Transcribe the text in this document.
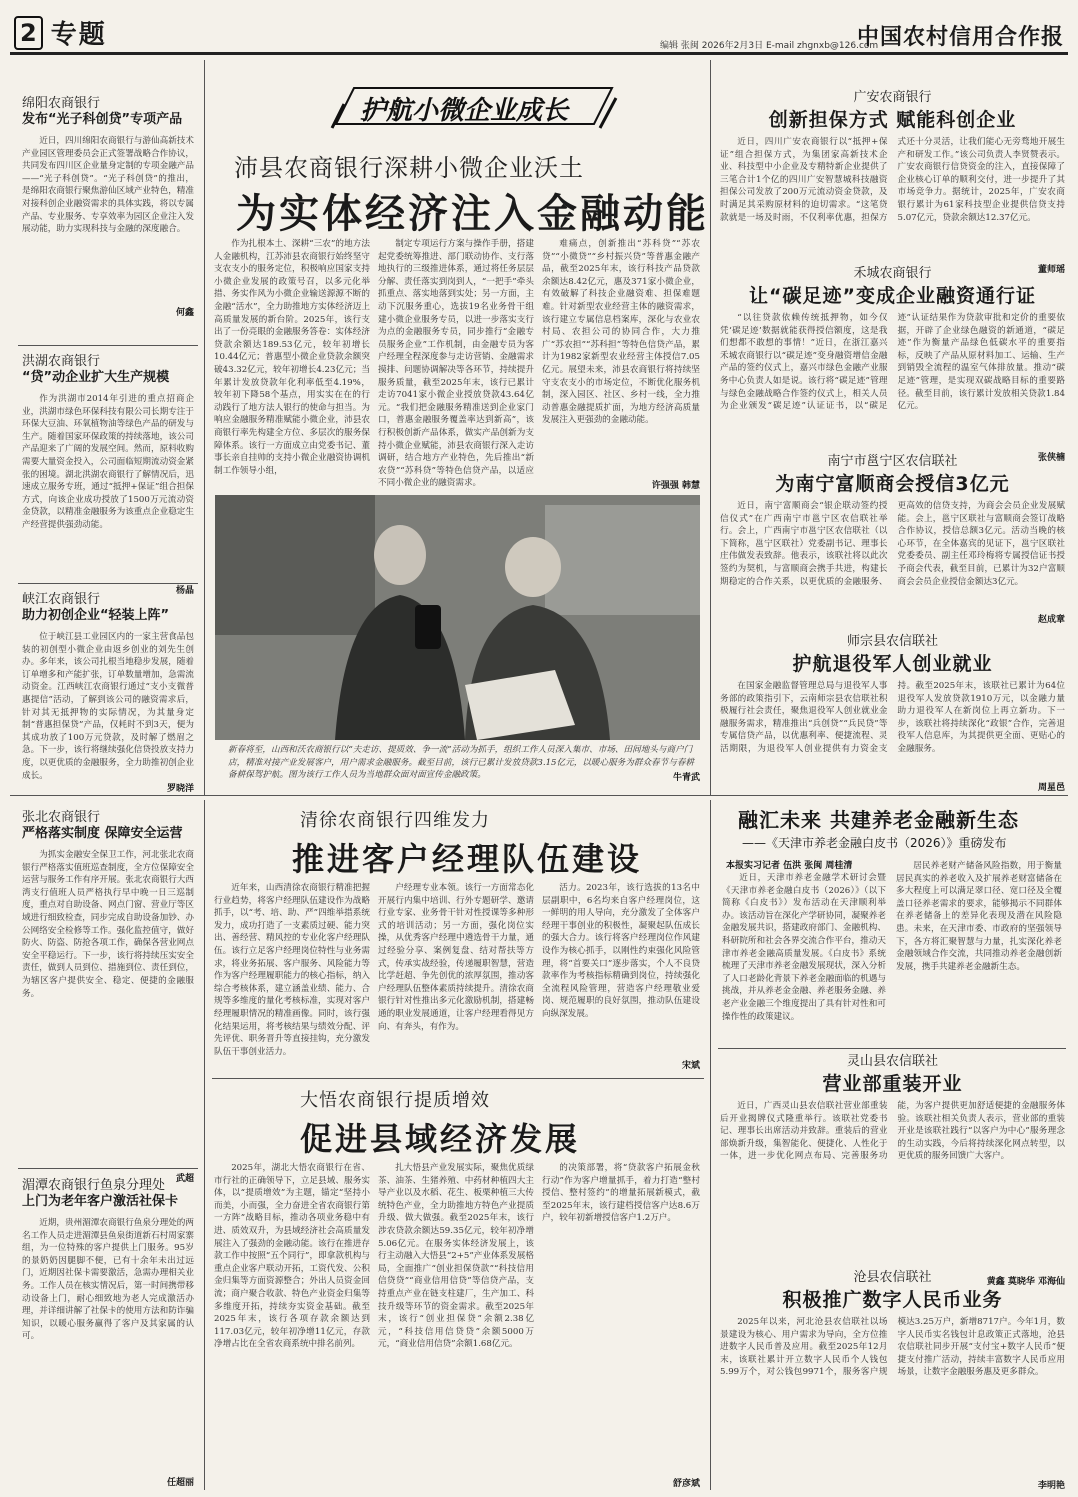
2 专题	编辑 张闽 2026年2月3日 E-mail zhgnxb@126.com
中国农村信用合作报
绵阳农商银行
发布“光子科创贷”专项产品
近日，四川绵阳农商银行与游仙高新技术产业园区管理委员会正式签署战略合作协议，共同发布四川区企业量身定制的专项金融产品——“光子科创贷”。“光子科创贷”的推出，是绵阳农商银行聚焦游仙区域产业特色，精准对接科创企业融资需求的具体实践，将以专属产品、专业服务、专享效率为园区企业注入发展动能，助力实现科技与金融的深度融合。
何鑫
洪湖农商银行
“贷”动企业扩大生产规模
作为洪湖市2014年引进的重点招商企业，洪湖市绿色环保科技有限公司长期专注于环保大豆油、环氧植物油等绿色产品的研发与生产。随着国家环保政策的持续落地，该公司产品迎来了广阔的发展空间。然而，原料收购需要大量资金投入，公司面临短期流动资金紧张的困境。湖北洪湖农商银行了解情况后，迅速成立服务专班，通过“抵押+保证”组合担保方式，向该企业成功授放了1500万元流动资金贷款，以精准金融服务为该重点企业稳定生产经营提供强劲动能。
杨晶
峡江农商银行
助力初创企业“轻装上阵”
位于峡江县工业园区内的一家主营食品包装的初创型小微企业由返乡创业的刘先生创办。多年来，该公司扎根当地稳步发展，随着订单增多和产能扩张，订单数量增加，急需流动资金。江西峡江农商银行通过“支小支微普惠提信”活动，了解到该公司的融资需求后，针对其无抵押物的实际情况，为其量身定制“普惠担保贷”产品，仅耗时不到3天，便为其成功放了100万元贷款，及时解了燃眉之急。下一步，该行将继续强化信贷投放支持力度，以更优质的金融服务，全力助推初创企业成长。
罗晓洋
护航小微企业成长
沛县农商银行深耕小微企业沃土
为实体经济注入金融动能
作为扎根本土、深耕“三农”的地方法人金融机构，江苏沛县农商银行始终坚守支农支小的服务定位，积极响应国家支持小微企业发展的政策号召，以多元化举措、务实作风为小微企业输送源源不断的金融“活水”，全力助推地方实体经济迈上高质量发展的新台阶。2025年，该行支出了一份亮眼的金融服务答卷：实体经济贷款余额达189.53亿元，较年初增长10.44亿元；普惠型小微企业贷款余额突破43.32亿元，较年初增长4.23亿元；当年累计发放贷款年化利率低至4.19%，较年初下降58个基点，用实实在在的行动践行了地方法人银行的使命与担当。为响应金融服务精准赋能小微企业，沛县农商银行率先构建全方位、多层次的服务保障体系。该行一方面成立由党委书记、董事长亲自挂帅的支持小微企业融资协调机制工作领导小组，
制定专项运行方案与操作手册，搭建起党委统筹推进、部门联动协作、支行落地执行的三级推进体系，通过将任务层层分解、责任落实到岗到人，“一把手”牵头抓重点、落实地落到实处；另一方面，主动下沉服务重心，选拔19名业务骨干组建小微企业服务专员，以进一步落实支行为点的金融服务专员，同步推行“金融专员服务企业”工作机制，由金融专员为客户经理全程深度参与走访营销、金融需求摸排、问题协调解决等各环节，持续提升服务质量，截至2025年末，该行已累计走访7041家小微企业授放贷款43.64亿元。“我们把金融服务精准送到企业家门口，普惠金融服务覆盖率达到新高”，该行积极创新产品体系，做实产品创新为支持小微企业赋能，沛县农商银行深入走访调研，结合地方产业特色，先后推出“新农贷”“苏科贷”等特色信贷产品，以适应不同小微企业的融资需求。
难痛点，创新推出“苏科贷”“苏农贷”“小微贷”“乡村振兴贷”等普惠金融产品，截至2025年末，该行科技产品贷款余额达8.42亿元，惠及371家小微企业，有效破解了科技企业融资难、担保难题难。针对新型农业经营主体的融资需求，该行建立专属信息档案库，深化与农业农村局、农担公司的协同合作，大力推广“苏农担”“苏科担”等特色信贷产品，累计为1982家新型农业经营主体授信7.05亿元。展望未来，沛县农商银行将持续坚守支农支小的市场定位，不断优化服务机制，深入园区、社区、乡村一线，全力推动普惠金融提质扩面，为地方经济高质量发展注入更强劲的金融动能。
许强强 韩慧
新春将至，山西和沃农商银行以“夫走访、提质效、争一流”活动为抓手，组织工作人员深入集市、市场、田间地头与商户门店，精准对接产业发展客户，用户需求金融服务。截至目前，该行已累计发放贷款3.15亿元，以暖心服务为群众春节与春耕备耕保驾护航。图为该行工作人员为当地群众面对面宣传金融政策。	牛青武
广安农商银行
创新担保方式 赋能科创企业
近日，四川广安农商银行以“抵押+保证”组合担保方式，为集团家高新技术企业、科技型中小企业及专精特新企业提供了三笔合计1个亿的四川广安智慧城科技融资担保公司发放了200万元流动资金贷款，及时满足其采购原材料的迫切需求。“这笔贷款就是一场及时雨，不仅利率优惠，担保方式还十分灵活，让我们能心无旁骛地开展生产和研发工作。”该公司负责人李贤赞表示。广安农商银行信贷资金的注入，直接保障了企业核心订单的顺利交付，进一步提升了其市场竞争力。据统计，2025年，广安农商银行累计为61家科技型企业提供信贷支持5.07亿元，贷款余额达12.37亿元。
董师瑶
禾城农商银行
让“碳足迹”变成企业融资通行证
“以往贷款依赖传统抵押物，如今仅凭‘碳足迹’数据就能获得授信额度，这是我们想都不敢想的事情！”近日，在浙江嘉兴禾城农商银行以“碳足迹”变身融资增信金融产品的签约仪式上，嘉兴市绿色金融产业服务中心负责人如是说。该行将“碳足迹”管理与绿色金融战略合作签约仪式上，相关人员为企业颁发“碳足迹”认证证书，以“碳足迹”认证结果作为贷款审批和定价的重要依据，开辟了企业绿色融资的新通道，“碳足迹”作为衡量产品绿色低碳水平的重要指标，反映了产品从原材料加工、运输、生产到销毁全流程的温室气体排放量。推动“碳足迹”管理，是实现双碳战略目标的重要路径。截至目前，该行累计发放相关贷款1.84亿元。
张侠楠
南宁市邕宁区农信联社
为南宁富顺商会授信3亿元
近日，南宁富顺商会“银企联动签约授信仪式”在广西南宁市邕宁区农信联社举行。会上，广西南宁市邕宁区农信联社（以下简称，邕宁区联社）党委副书记、理事长庄伟做发表致辞。他表示，该联社将以此次签约为契机，与富顺商会携手共进，构建长期稳定的合作关系，以更优质的金融服务、更高效的信贷支持，为商会会员企业发展赋能。会上，邕宁区联社与富顺商会签订战略合作协议，授信总额3亿元。活动当晚的核心环节，在全体嘉宾的见证下，邕宁区联社党委委员、副主任邓玲梅将专属授信证书授予商会代表，截至目前，已累计为32户富顺商会会员企业授信金额达3亿元。
赵成章
师宗县农信联社
护航退役军人创业就业
在国家金融监督管理总局与退役军人事务部的政策指引下，云南师宗县农信联社积极履行社会责任，聚焦退役军人创业就业金融服务需求，精准推出“兵创贷”“兵民贷”等专属信贷产品，以优惠利率、便捷流程、灵活期限，为退役军人创业提供有力资金支持。截至2025年末，该联社已累计为64位退役军人发放贷款1910万元，以金融力量助力退役军人在新岗位上再立新功。下一步，该联社将持续深化“政银”合作，完善退役军人信息库，为其提供更全面、更贴心的金融服务。
周星邑
张北农商银行
严格落实制度 保障安全运营
为抓实金融安全保卫工作，河北张北农商银行严格落实值班巡查制度，全方位保障安全运营与服务工作有序开展。张北农商银行大西湾支行值班人员严格执行早中晚一日三巡制度，重点对自助设备、网点门窗、营业厅等区域进行细致检查，同步完成自助设备加钞、办公网络安全检修等工作。强化监控值守，做好防火、防盗、防抢各项工作，确保各营业网点安全平稳运行。下一步，该行将持续压实安全责任，做到人员到位、措施到位、责任到位，为辖区客户提供安全、稳定、便捷的金融服务。
武超
湄潭农商银行鱼泉分理处
上门为老年客户激活社保卡
近期，贵州湄潭农商银行鱼泉分理处的两名工作人员走进湄潭县鱼泉街道新石村周家寨组，为一位特殊的客户提供上门服务。95岁的景奶奶因腿脚不便，已有十余年未出过远门，近期因社保卡需要激活，急需办理相关业务。工作人员在核实情况后，第一时间携带移动设备上门，耐心细致地为老人完成激活办理，并详细讲解了社保卡的使用方法和防诈骗知识，以暖心服务赢得了客户及其家属的认可。
任超丽
清徐农商银行四维发力
推进客户经理队伍建设
近年来，山西清徐农商银行精准把握行业趋势，将客户经理队伍建设作为战略抓手，以“考、培、助、严”四维举措系统发力，成功打造了一支素质过硬、能力突出、善经营、精风控的专业化客户经理队伍。该行立足客户经理岗位特性与业务需求，将业务拓展、客户服务、风险能力等作为客户经理履职能力的核心指标，纳入综合考核体系，建立涵盖业绩、能力、合规等多维度的量化考核标准，实现对客户经理履职情况的精准画像。同时，该行强化结果运用，将考核结果与绩效分配、评先评优、职务晋升等直接挂钩，充分激发队伍干事创业活力。
户经理专业本领。该行一方面常态化开展行内集中培训、行外专题研学、邀请行业专家、业务骨干针对性授课等多种形式的培训活动；另一方面，强化岗位实操，从优秀客户经理中遴选骨干力量，通过经验分享、案例复盘、结对帮扶等方式，传承实战经验，传递履职智慧，营造比学赶超、争先创优的浓厚氛围，推动客户经理队伍整体素质持续提升。清徐农商银行针对性推出多元化激励机制，搭建畅通的职业发展通道，让客户经理看得见方向、有奔头，有作为。
活力。2023年，该行选拔的13名中层副职中，6名均来自客户经理岗位，这一鲜明的用人导向，充分激发了全体客户经理干事创业的积极性，凝聚起队伍成长的强大合力。该行将客户经理岗位作风建设作为核心抓手，以刚性约束强化风险管理，将“首要关口”逐步落实，个人不良贷款率作为考核指标精确到岗位，持续强化全流程风险管理，营造客户经理敬业爱岗、规范履职的良好氛围，推动队伍建设向纵深发展。
宋斌
大悟农商银行提质增效
促进县域经济发展
2025年，湖北大悟农商银行在省、市行社的正确领导下，立足县域、服务实体，以“提质增效”为主题，锚定“坚持小而美，小而强，全力奋进全省农商银行第一方阵”战略目标，推动各项业务稳中有进、质效双升，为县域经济社会高质量发展注入了强劲的金融动能。该行在推进存款工作中按照“五个同行”，即拿款机构与重点企业客户联动开拓，工资代发、公积金归集等方面资源整合；外出人员资金回流；商户聚合收款、特色产业资金归集等多维度开拓，持续夯实资金基础。截至2025年末，该行各项存款余额达到117.03亿元，较年初净增11亿元，存款净增占比在全省农商系统中排名前列。
扎大悟县产业发展实际，聚焦优质绿茶、油茶、生猪养殖、中药材种植四大主导产业以及水稻、花生、板栗种植三大传统特色产业，全力助推地方特色产业提质升级、做大做强。截至2025年末，该行涉农贷款余额达59.35亿元，较年初净增5.06亿元。在服务实体经济发展上，该行主动融入大悟县“2+5”产业体系发展格局，全面推广“创业担保贷款”“科技信用信贷贷”“商业信用信贷”等信贷产品，支持重点产业在链支柱建厂，生产加工、科技升级等环节的资金需求。截至2025年末，该行“创业担保贷”余额2.38亿元，“科技信用信贷贷”余额5000万元，“商业信用信贷”余额1.68亿元。
的决策部署，将“贷款客户拓展金秋行动”作为客户增量抓手，着力打造“整村授信、整村签约”的增量拓展新模式，截至2025年末，该行建档授信客户达8.6万户，较年初新增授信客户1.2万户。
舒彦斌
融汇未来 共建养老金融新生态
——《天津市养老金融白皮书（2026）》重磅发布
本报实习记者 伍洪 张闽 周桂清
近日，天津市养老金融学术研讨会暨《天津市养老金融白皮书（2026）》（以下简称《白皮书》）发布活动在天津顺利举办。该活动旨在深化产学研协同，凝聚养老金融发展共识，搭建政府部门、金融机构、科研院所和社会各界交流合作平台，推动天津市养老金融高质量发展。《白皮书》系统梳理了天津市养老金融发展现状，深入分析了人口老龄化背景下养老金融面临的机遇与挑战，并从养老金金融、养老服务金融、养老产业金融三个维度提出了具有针对性和可操作性的政策建议。
居民养老财产储备风险指数，用于衡量居民真实的养老收入及扩展养老财富储备在多大程度上可以满足翠口径、宽口径及全覆盖口径养老需求的要求，能够揭示不同群体在养老储备上的差异化表现及潜在风险隐患。未来，在天津市委、市政府的坚强领导下，各方将汇聚智慧与力量，扎实深化养老金融领域合作交流，共同推动养老金融创新发展，携手共建养老金融新生态。
灵山县农信联社
营业部重装开业
近日，广西灵山县农信联社营业部重装后开业揭牌仪式隆重举行。该联社党委书记、理事长出席活动并致辞。重装后的营业部焕新升级，集智能化、便捷化、人性化于一体，进一步优化网点布局、完善服务功能，为客户提供更加舒适便捷的金融服务体验。该联社相关负责人表示，营业部的重装开业是该联社践行“以客户为中心”服务理念的生动实践，今后将持续深化网点转型，以更优质的服务回馈广大客户。
黄鑫 莫晓华 邓海仙
沧县农信联社
积极推广数字人民币业务
2025年以来，河北沧县农信联社以场景建设为核心、用户需求为导向，全方位推进数字人民币普及应用。截至2025年12月末，该联社累计开立数字人民币个人钱包5.99万个，对公钱包9971个，服务客户规模达3.25万户，新增8717户。今年1月，数字人民币实名钱包计息政策正式落地，沧县农信联社同步开展“支付宝+数字人民币”便捷支付推广活动，持续丰富数字人民币应用场景，让数字金融服务惠及更多群众。
李明艳
